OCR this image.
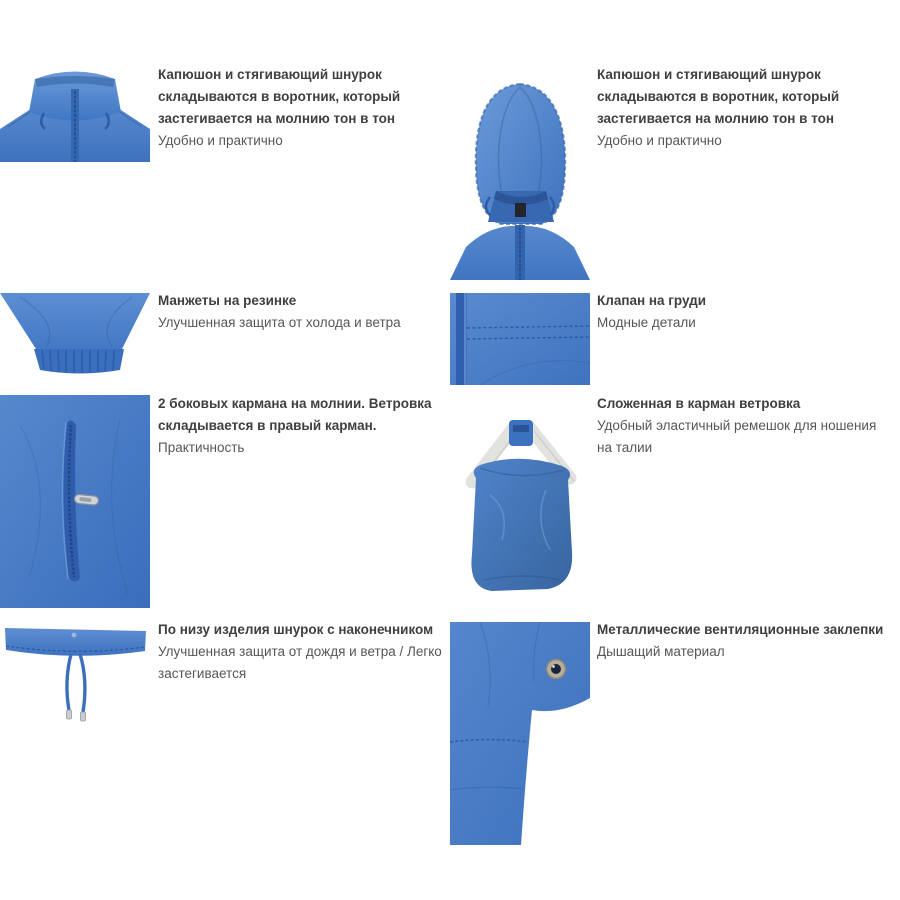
Капюшон и стягивающий шнурок складываются в воротник, который застегивается на молнию тон в тон
Удобно и практично
Капюшон и стягивающий шнурок складываются в воротник, который застегивается на молнию тон в тон
Удобно и практично
Манжеты на резинке
Улучшенная защита от холода и ветра
Клапан на груди
Модные детали
2 боковых кармана на молнии. Ветровка складывается в правый карман.
Практичность
Сложенная в карман ветровка
Удобный эластичный ремешок для ношения на талии
По низу изделия шнурок с наконечником
Улучшенная защита от дождя и ветра / Легко застегивается
Металлические вентиляционные заклепки
Дышащий материал
